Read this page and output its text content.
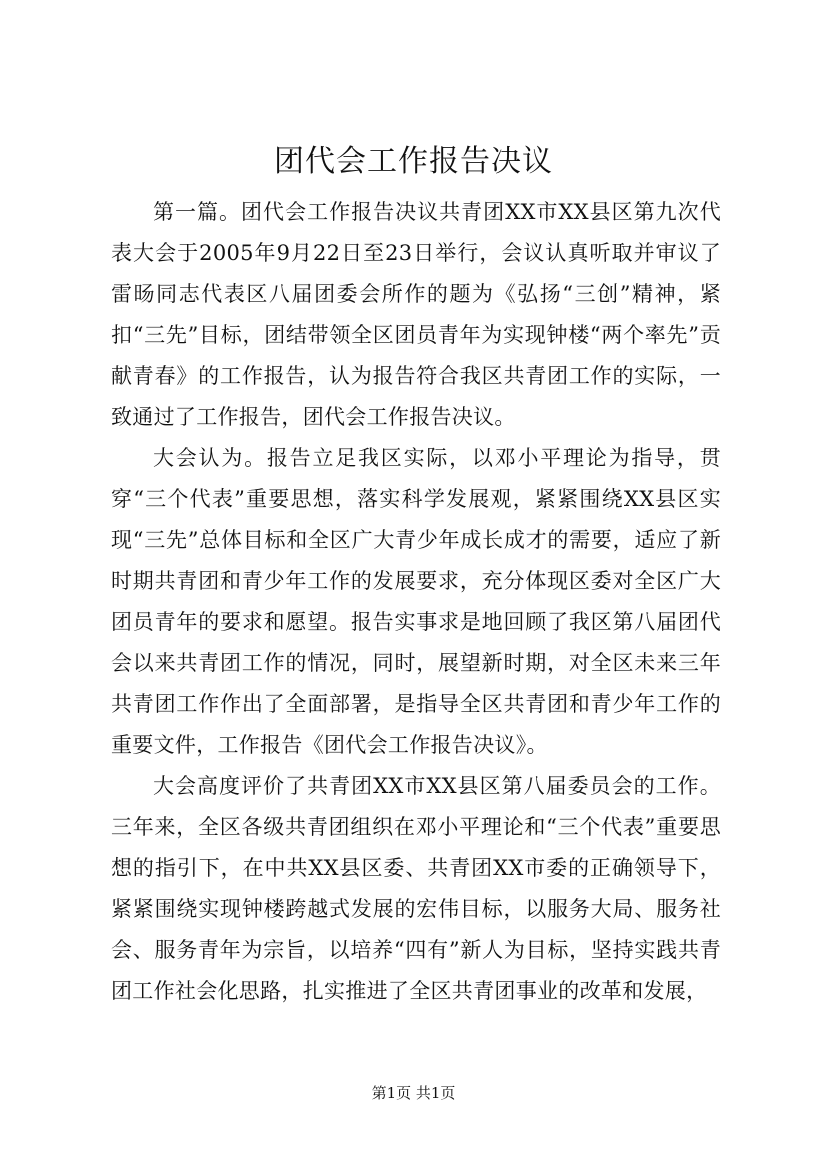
团代会工作报告决议

第一篇。团代会工作报告决议共青团XX市XX县区第九次代表大会于2005年9月22日至23日举行，会议认真听取并审议了雷旸同志代表区八届团委会所作的题为《弘扬“三创”精神，紧扣“三先”目标，团结带领全区团员青年为实现钟楼“两个率先”贡献青春》的工作报告，认为报告符合我区共青团工作的实际，一致通过了工作报告，团代会工作报告决议。

大会认为。报告立足我区实际，以邓小平理论为指导，贯穿“三个代表”重要思想，落实科学发展观，紧紧围绕XX县区实现“三先”总体目标和全区广大青少年成长成才的需要，适应了新时期共青团和青少年工作的发展要求，充分体现区委对全区广大团员青年的要求和愿望。报告实事求是地回顾了我区第八届团代会以来共青团工作的情况，同时，展望新时期，对全区未来三年共青团工作作出了全面部署，是指导全区共青团和青少年工作的重要文件，工作报告《团代会工作报告决议》。

大会高度评价了共青团XX市XX县区第八届委员会的工作。三年来，全区各级共青团组织在邓小平理论和“三个代表”重要思想的指引下，在中共XX县区委、共青团XX市委的正确领导下，紧紧围绕实现钟楼跨越式发展的宏伟目标，以服务大局、服务社会、服务青年为宗旨，以培养“四有”新人为目标，坚持实践共青团工作社会化思路，扎实推进了全区共青团事业的改革和发展，

第1页 共1页
